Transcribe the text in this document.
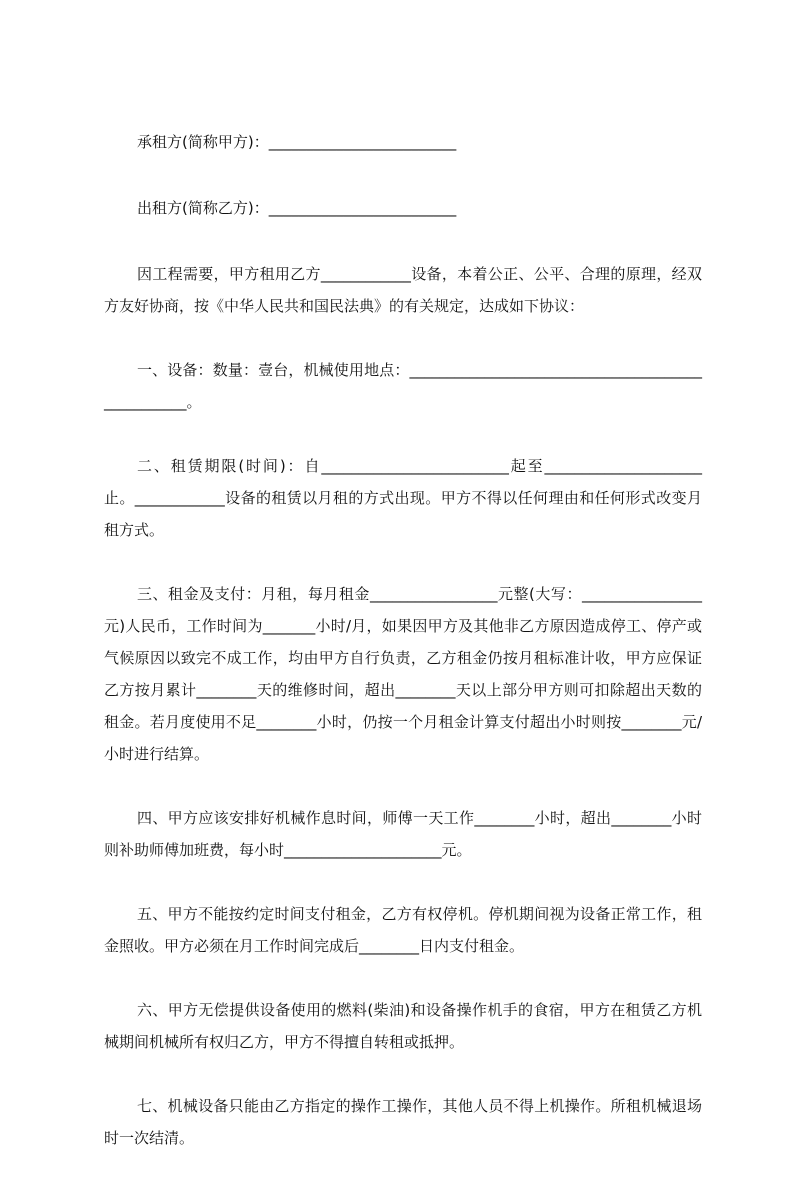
承租方(简称甲方)：_________________________

出租方(简称乙方)：_________________________

因工程需要，甲方租用乙方____________设备，本着公正、公平、合理的原理，经双方友好协商，按《中华人民共和国民法典》的有关规定，达成如下协议：

一、设备：数量：壹台，机械使用地点：__________________________________________________。

二、租赁期限(时间)：自_________________________起至_____________________止。____________设备的租赁以月租的方式出现。甲方不得以任何理由和任何形式改变月租方式。

三、租金及支付：月租，每月租金_________________元整(大写：________________元)人民币，工作时间为_______小时/月，如果因甲方及其他非乙方原因造成停工、停产或气候原因以致完不成工作，均由甲方自行负责，乙方租金仍按月租标准计收，甲方应保证乙方按月累计________天的维修时间，超出________天以上部分甲方则可扣除超出天数的租金。若月度使用不足________小时，仍按一个月租金计算支付超出小时则按________元/小时进行结算。

四、甲方应该安排好机械作息时间，师傅一天工作________小时，超出________小时则补助师傅加班费，每小时_____________________元。

五、甲方不能按约定时间支付租金，乙方有权停机。停机期间视为设备正常工作，租金照收。甲方必须在月工作时间完成后________日内支付租金。

六、甲方无偿提供设备使用的燃料(柴油)和设备操作机手的食宿，甲方在租赁乙方机械期间机械所有权归乙方，甲方不得擅自转租或抵押。

七、机械设备只能由乙方指定的操作工操作，其他人员不得上机操作。所租机械退场时一次结清。
